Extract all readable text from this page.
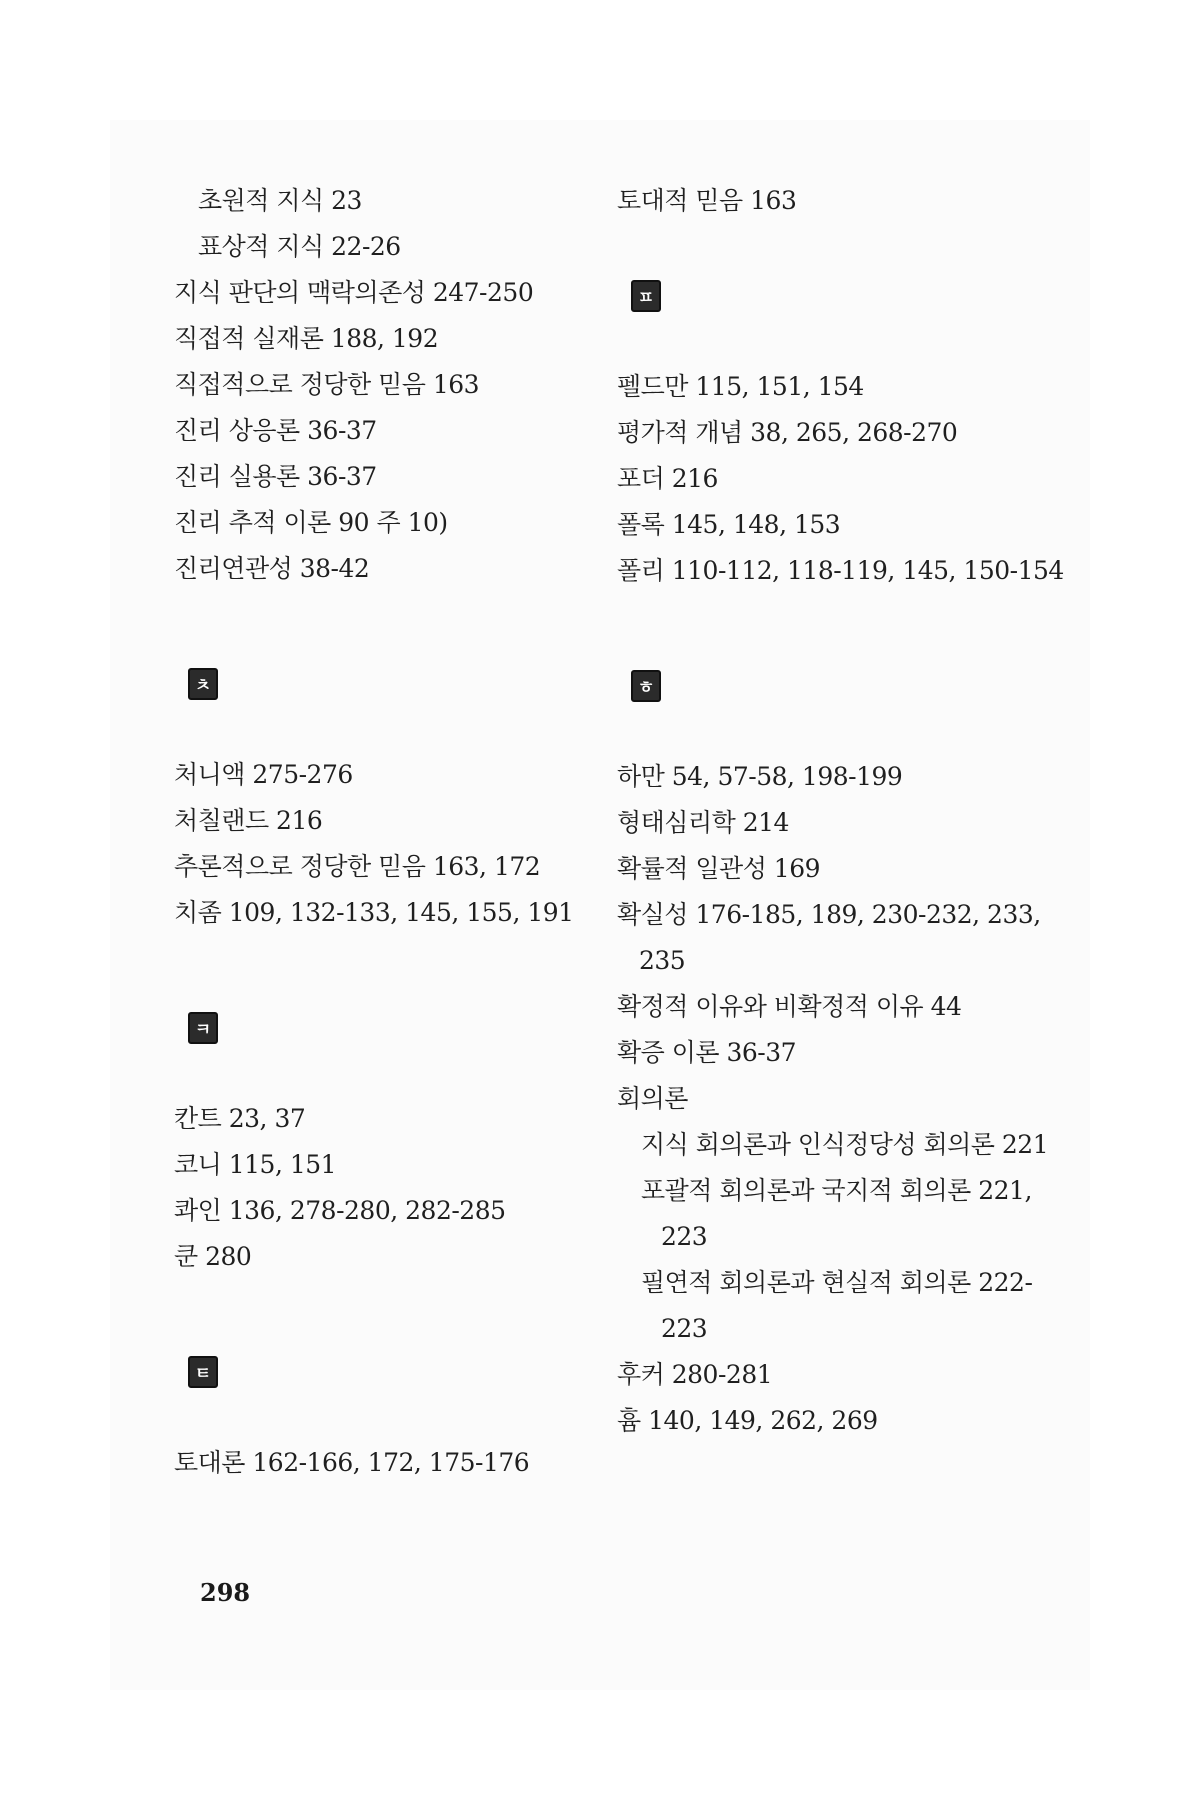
초원적 지식 23
표상적 지식 22-26
지식 판단의 맥락의존성 247-250
직접적 실재론 188, 192
직접적으로 정당한 믿음 163
진리 상응론 36-37
진리 실용론 36-37
진리 추적 이론 90 주 10)
진리연관성 38-42
ㅊ
처니액 275-276
처칠랜드 216
추론적으로 정당한 믿음 163, 172
치좀 109, 132-133, 145, 155, 191
ㅋ
칸트 23, 37
코니 115, 151
콰인 136, 278-280, 282-285
쿤 280
ㅌ
토대론 162-166, 172, 175-176
토대적 믿음 163
ㅍ
펠드만 115, 151, 154
평가적 개념 38, 265, 268-270
포더 216
폴록 145, 148, 153
폴리 110-112, 118-119, 145, 150-154
ㅎ
하만 54, 57-58, 198-199
형태심리학 214
확률적 일관성 169
확실성 176-185, 189, 230-232, 233,
235
확정적 이유와 비확정적 이유 44
확증 이론 36-37
회의론
지식 회의론과 인식정당성 회의론 221
포괄적 회의론과 국지적 회의론 221,
223
필연적 회의론과 현실적 회의론 222-
223
후커 280-281
흄 140, 149, 262, 269
298
